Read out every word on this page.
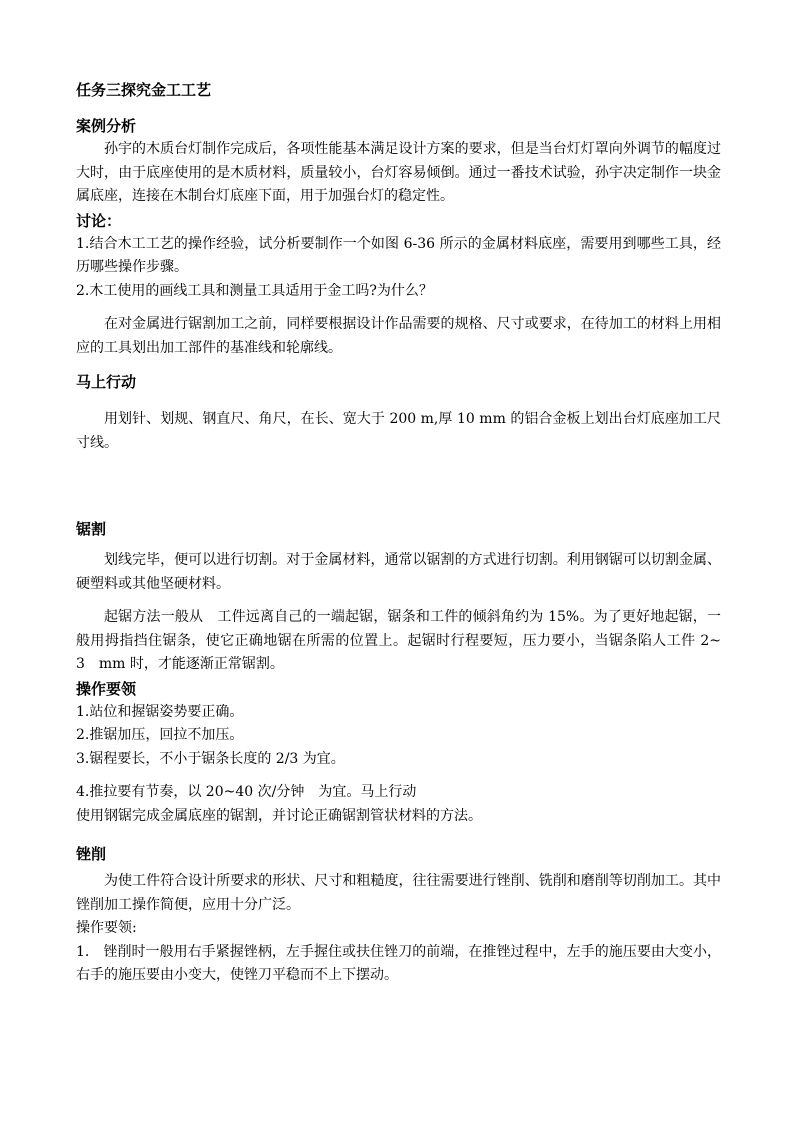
任务三探究金工工艺
案例分析

孙宇的木质台灯制作完成后，各项性能基本满足设计方案的要求，但是当台灯灯罩向外调节的幅度过大时，由于底座使用的是木质材料，质量较小，台灯容易倾倒。通过一番技术试验，孙宇决定制作一块金属底座，连接在木制台灯底座下面，用于加强台灯的稳定性。

讨论：

1.结合木工工艺的操作经验，试分析要制作一个如图 6-36 所示的金属材料底座，需要用到哪些工具，经历哪些操作步骤。

2.木工使用的画线工具和测量工具适用于金工吗?为什么？

在对金属进行锯割加工之前，同样要根据设计作品需要的规格、尺寸或要求，在待加工的材料上用相应的工具划出加工部件的基准线和轮廓线。

马上行动

用划针、划规、钢直尺、角尺，在长、宽大于 200 m,厚 10 mm 的铝合金板上划出台灯底座加工尺寸线。

锯割

划线完毕，便可以进行切割。对于金属材料，通常以锯割的方式进行切割。利用钢锯可以切割金属、硬塑料或其他坚硬材料。

起锯方法一般从　工件远离自己的一端起锯，锯条和工件的倾斜角约为 15%。为了更好地起锯，一般用拇指挡住锯条，使它正确地锯在所需的位置上。起锯时行程要短，压力要小，当锯条陷人工件 2~　3　mm 时，才能逐渐正常锯割。

操作要领

1.站位和握锯姿势要正确。

2.推锯加压，回拉不加压。

3.锯程要长，不小于锯条长度的 2/3 为宜。

4.推拉要有节奏，以 20~40 次/分钟　为宜。马上行动

使用钢锯完成金属底座的锯割，并讨论正确锯割管状材料的方法。

锉削

为使工件符合设计所要求的形状、尺寸和粗糙度，往往需要进行锉削、铣削和磨削等切削加工。其中锉削加工操作简便，应用十分广泛。

操作要领:

1.　锉削时一般用右手紧握锉柄，左手握住或扶住锉刀的前端，在推锉过程中，左手的施压要由大变小，右手的施压要由小变大，使锉刀平稳而不上下摆动。
